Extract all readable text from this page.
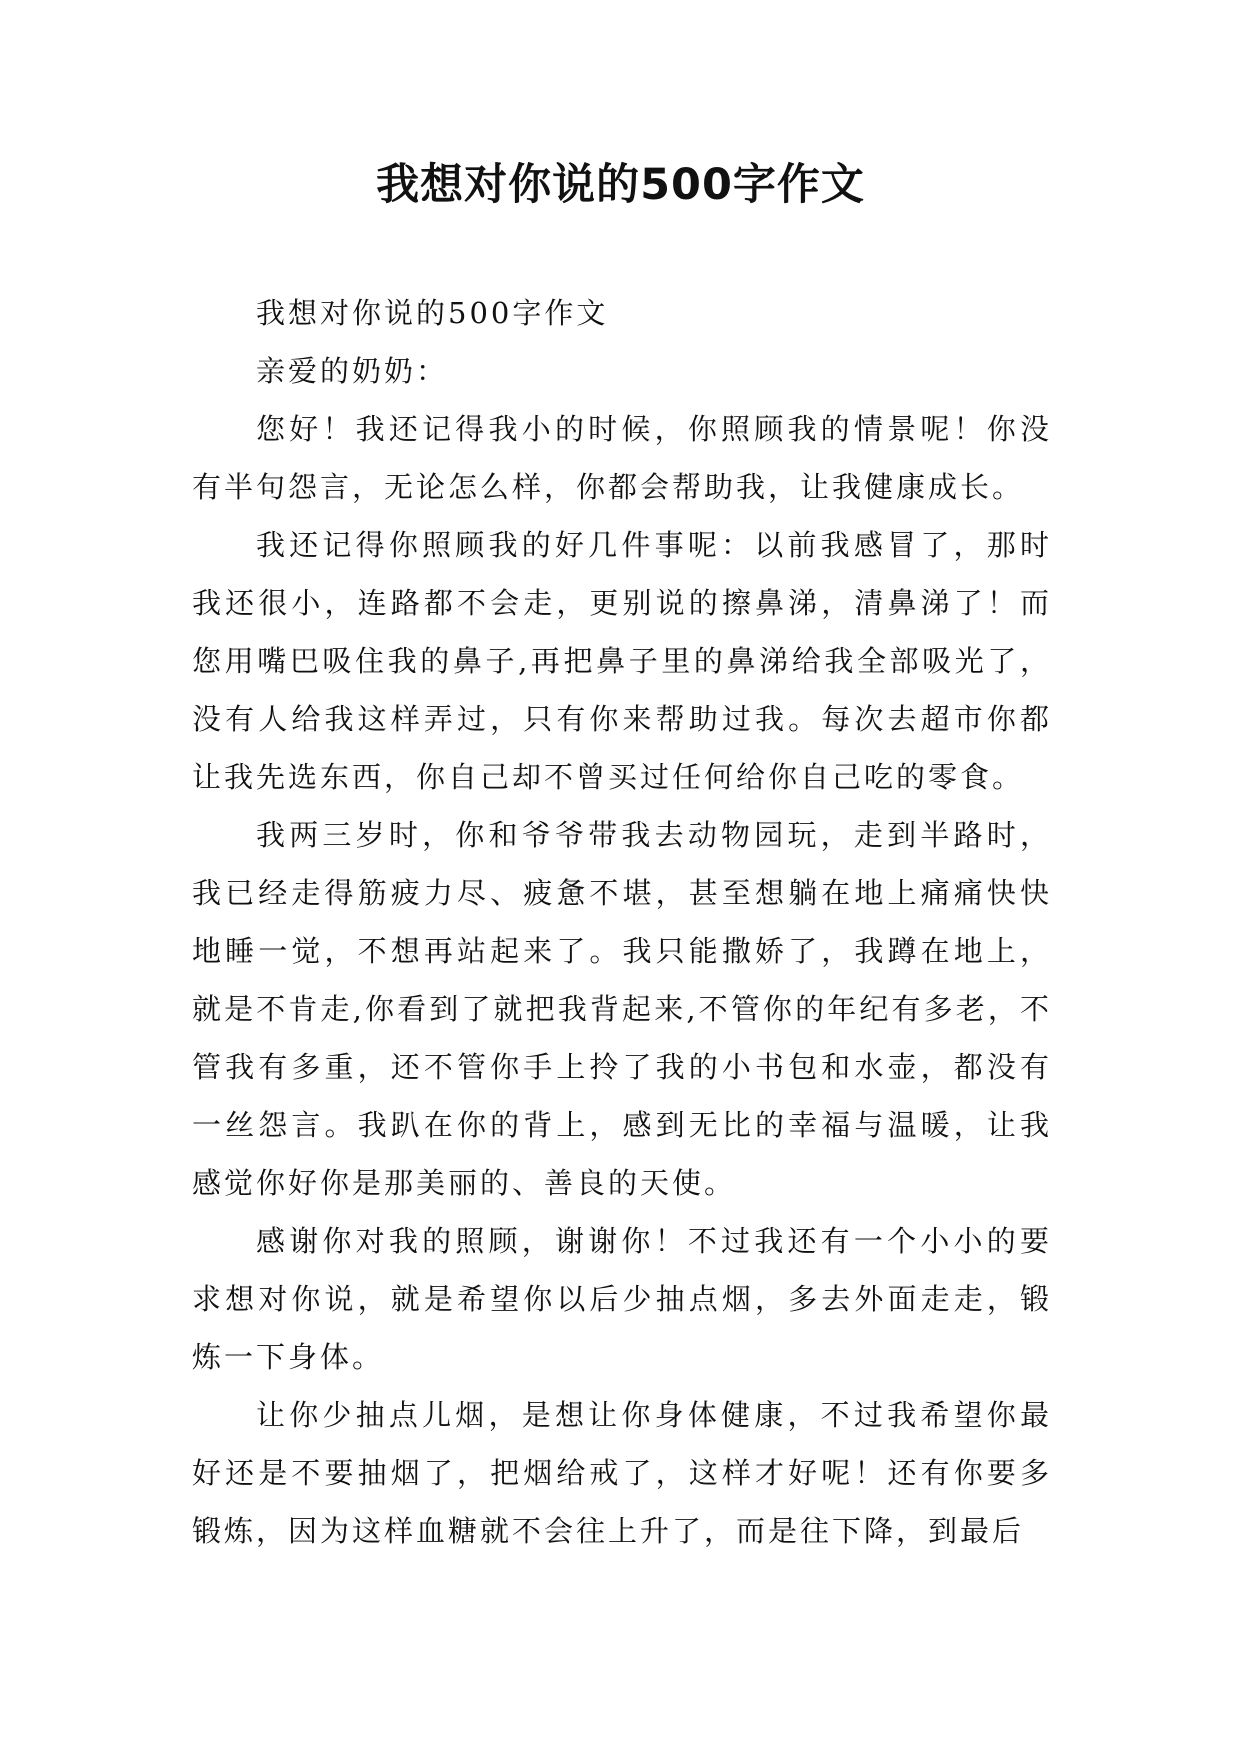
我想对你说的500字作文

我想对你说的500字作文

亲爱的奶奶：

您好！我还记得我小的时候，你照顾我的情景呢！你没有半句怨言，无论怎么样，你都会帮助我，让我健康成长。

我还记得你照顾我的好几件事呢：以前我感冒了，那时我还很小，连路都不会走，更别说的擦鼻涕，清鼻涕了！而您用嘴巴吸住我的鼻子,再把鼻子里的鼻涕给我全部吸光了，没有人给我这样弄过，只有你来帮助过我。每次去超市你都让我先选东西，你自己却不曾买过任何给你自己吃的零食。

我两三岁时，你和爷爷带我去动物园玩，走到半路时，我已经走得筋疲力尽、疲惫不堪，甚至想躺在地上痛痛快快地睡一觉，不想再站起来了。我只能撒娇了，我蹲在地上，就是不肯走,你看到了就把我背起来,不管你的年纪有多老，不管我有多重，还不管你手上拎了我的小书包和水壶，都没有一丝怨言。我趴在你的背上，感到无比的幸福与温暖，让我感觉你好你是那美丽的、善良的天使。

感谢你对我的照顾，谢谢你！不过我还有一个小小的要求想对你说，就是希望你以后少抽点烟，多去外面走走，锻炼一下身体。

让你少抽点儿烟，是想让你身体健康，不过我希望你最好还是不要抽烟了，把烟给戒了，这样才好呢！还有你要多锻炼，因为这样血糖就不会往上升了，而是往下降，到最后
